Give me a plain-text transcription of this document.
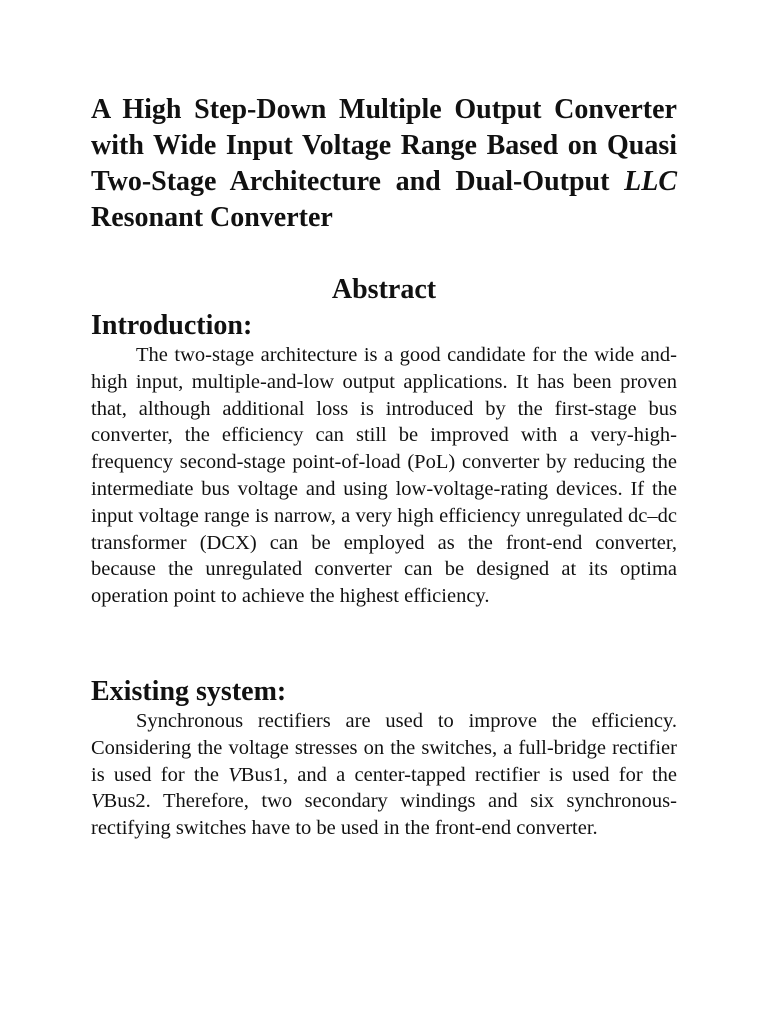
A High Step-Down Multiple Output Converter with Wide Input Voltage Range Based on Quasi Two-Stage Architecture and Dual-Output LLC Resonant Converter
Abstract
Introduction:

The two-stage architecture is a good candidate for the wide and-high input, multiple-and-low output applications. It has been proven that, although additional loss is introduced by the first-stage bus converter, the efficiency can still be improved with a very-high-frequency second-stage point-of-load (PoL) converter by reducing the intermediate bus voltage and using low-voltage-rating devices. If the input voltage range is narrow, a very high efficiency unregulated dc–dc transformer (DCX) can be employed as the front-end converter, because the unregulated converter can be designed at its optima operation point to achieve the highest efficiency.

Existing system:

Synchronous rectifiers are used to improve the efficiency. Considering the voltage stresses on the switches, a full-bridge rectifier is used for the VBus1, and a center-tapped rectifier is used for the VBus2. Therefore, two secondary windings and six synchronous-rectifying switches have to be used in the front-end converter.
